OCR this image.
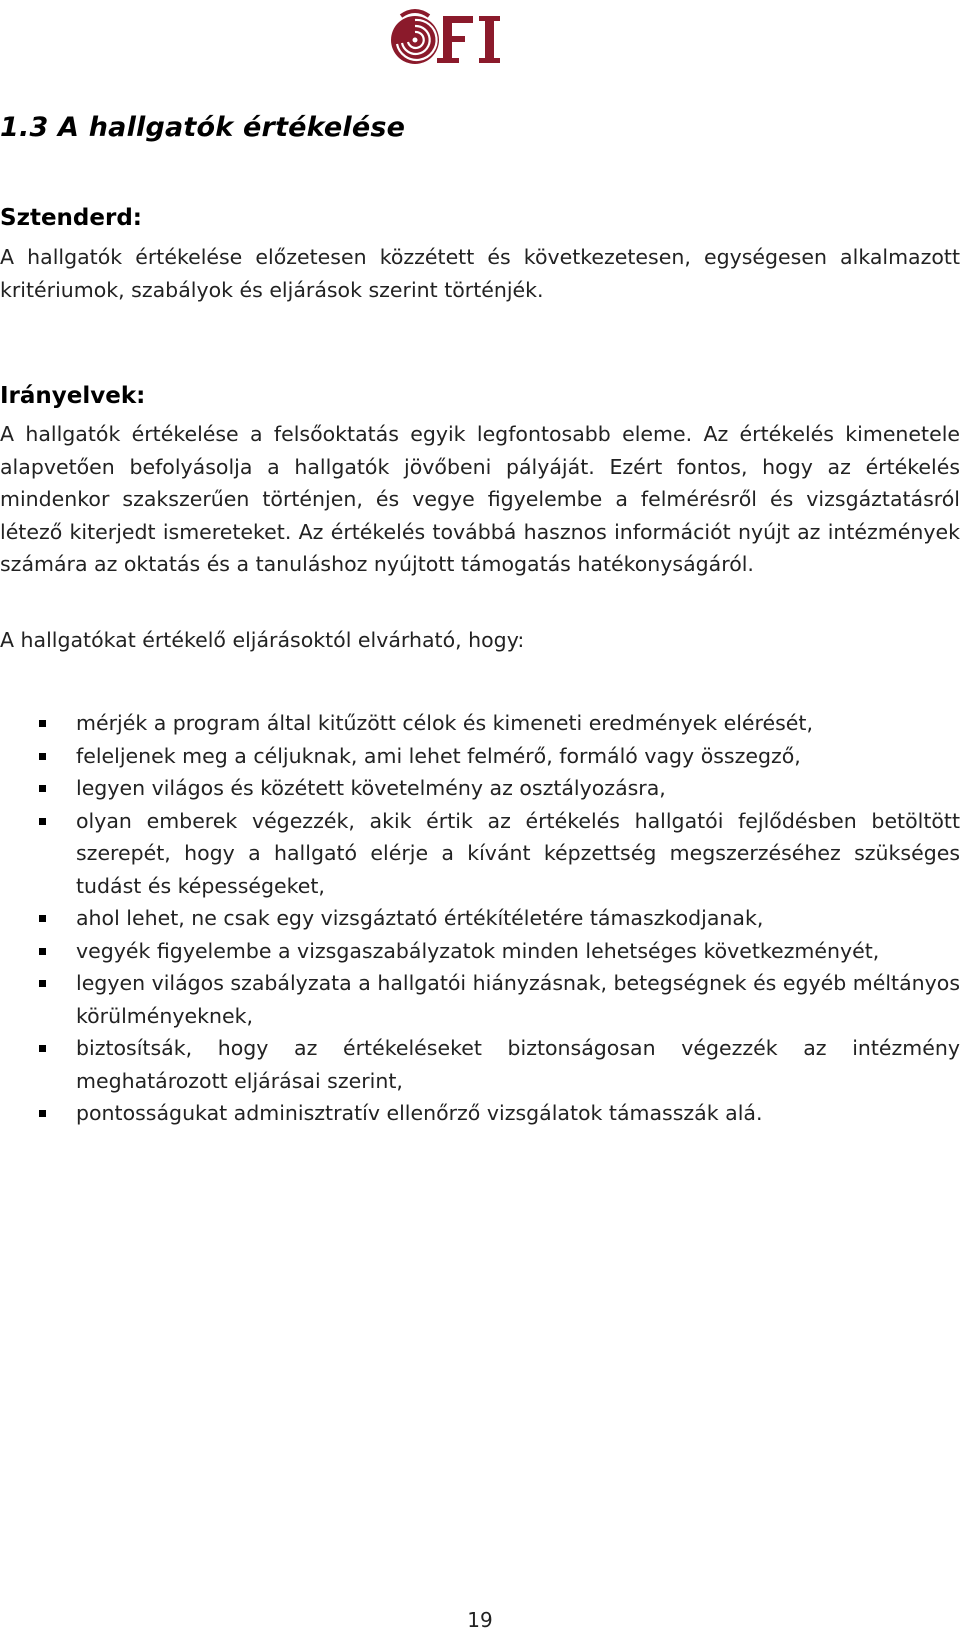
1.3 A hallgatók értékelése
Sztenderd:

A hallgatók értékelése előzetesen közzétett és következetesen, egységesen alkalmazott kritériumok, szabályok és eljárások szerint történjék.

Irányelvek:

A hallgatók értékelése a felsőoktatás egyik legfontosabb eleme. Az értékelés kimenetele alapvetően befolyásolja a hallgatók jövőbeni pályáját. Ezért fontos, hogy az értékelés mindenkor szakszerűen történjen, és vegye figyelembe a felmérésről és vizsgáztatásról létező kiterjedt ismereteket. Az értékelés továbbá hasznos információt nyújt az intézmények számára az oktatás és a tanuláshoz nyújtott támogatás hatékonyságáról.

A hallgatókat értékelő eljárásoktól elvárható, hogy:

mérjék a program által kitűzött célok és kimeneti eredmények elérését,
feleljenek meg a céljuknak, ami lehet felmérő, formáló vagy összegző,
legyen világos és közétett követelmény az osztályozásra,
olyan emberek végezzék, akik értik az értékelés hallgatói fejlődésben betöltött szerepét, hogy a hallgató elérje a kívánt képzettség megszerzéséhez szükséges tudást és képességeket,
ahol lehet, ne csak egy vizsgáztató értékítéletére támaszkodjanak,
vegyék figyelembe a vizsgaszabályzatok minden lehetséges következményét,
legyen világos szabályzata a hallgatói hiányzásnak, betegségnek és egyéb méltányos körülményeknek,
biztosítsák, hogy az értékeléseket biztonságosan végezzék az intézmény meghatározott eljárásai szerint,
pontosságukat adminisztratív ellenőrző vizsgálatok támasszák alá.
19
